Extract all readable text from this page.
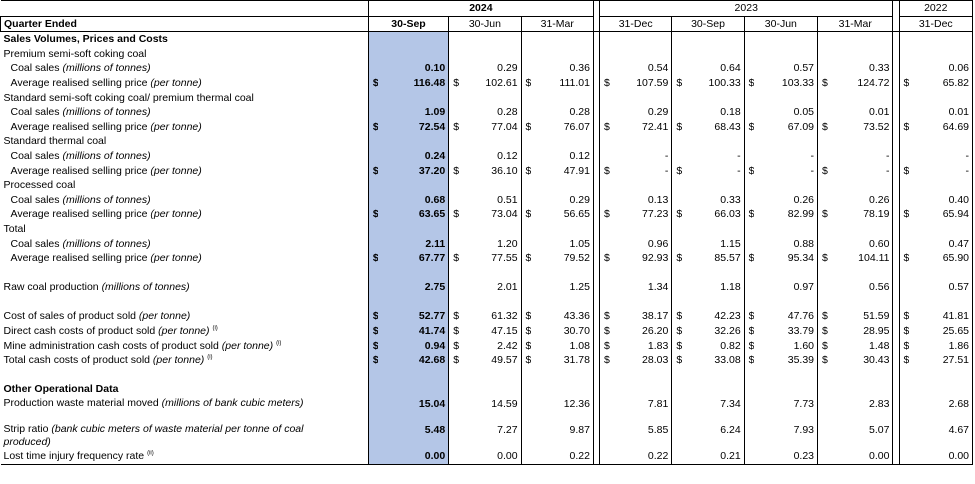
	2024							2023									2022	
Quarter Ended	30-Sep		30-Jun		31-Mar			31-Dec		30-Sep		30-Jun		31-Mar			31-Dec	
Sales Volumes, Prices and Costs																		
Premium semi-soft coking coal																		
Coal sales (millions of tonnes)		0.10		0.29		0.36			0.54		0.64		0.57		0.33			0.06
Average realised selling price (per tonne)	$	116.48	$	102.61	$	111.01		$	107.59	$	100.33	$	103.33	$	124.72		$	65.82
Standard semi-soft coking coal/ premium thermal coal																		
Coal sales (millions of tonnes)		1.09		0.28		0.28			0.29		0.18		0.05		0.01			0.01
Average realised selling price (per tonne)	$	72.54	$	77.04	$	76.07		$	72.41	$	68.43	$	67.09	$	73.52		$	64.69
Standard thermal coal																		
Coal sales (millions of tonnes)		0.24		0.12		0.12			-		-		-		-			-
Average realised selling price (per tonne)	$	37.20	$	36.10	$	47.91		$	-	$	-	$	-	$	-		$	-
Processed coal																		
Coal sales (millions of tonnes)		0.68		0.51		0.29			0.13		0.33		0.26		0.26			0.40
Average realised selling price (per tonne)	$	63.65	$	73.04	$	56.65		$	77.23	$	66.03	$	82.99	$	78.19		$	65.94
Total																		
Coal sales (millions of tonnes)		2.11		1.20		1.05			0.96		1.15		0.88		0.60			0.47
Average realised selling price (per tonne)	$	67.77	$	77.55	$	79.52		$	92.93	$	85.57	$	95.34	$	104.11		$	65.90

Raw coal production (millions of tonnes)		2.75		2.01		1.25			1.34		1.18		0.97		0.56			0.57

Cost of sales of product sold (per tonne)	$	52.77	$	61.32	$	43.36		$	38.17	$	42.23	$	47.76	$	51.59		$	41.81
Direct cash costs of product sold (per tonne) $^{(i)}$	$	41.74	$	47.15	$	30.70		$	26.20	$	32.26	$	33.79	$	28.95		$	25.65
Mine administration cash costs of product sold (per tonne) $^{(i)}$	$	0.94	$	2.42	$	1.08		$	1.83	$	0.82	$	1.60	$	1.48		$	1.86
Total cash costs of product sold (per tonne) $^{(i)}$	$	42.68	$	49.57	$	31.78		$	28.03	$	33.08	$	35.39	$	30.43		$	27.51

Other Operational Data																		
Production waste material moved (millions of bank cubic meters)		15.04		14.59		12.36			7.81		7.34		7.73		2.83			2.68
Strip ratio (bank cubic meters of waste material per tonne of coal produced)		5.48		7.27		9.87			5.85		6.24		7.93		5.07			4.67
Lost time injury frequency rate $^{(ii)}$		0.00		0.00		0.22			0.22		0.21		0.23		0.00			0.00
